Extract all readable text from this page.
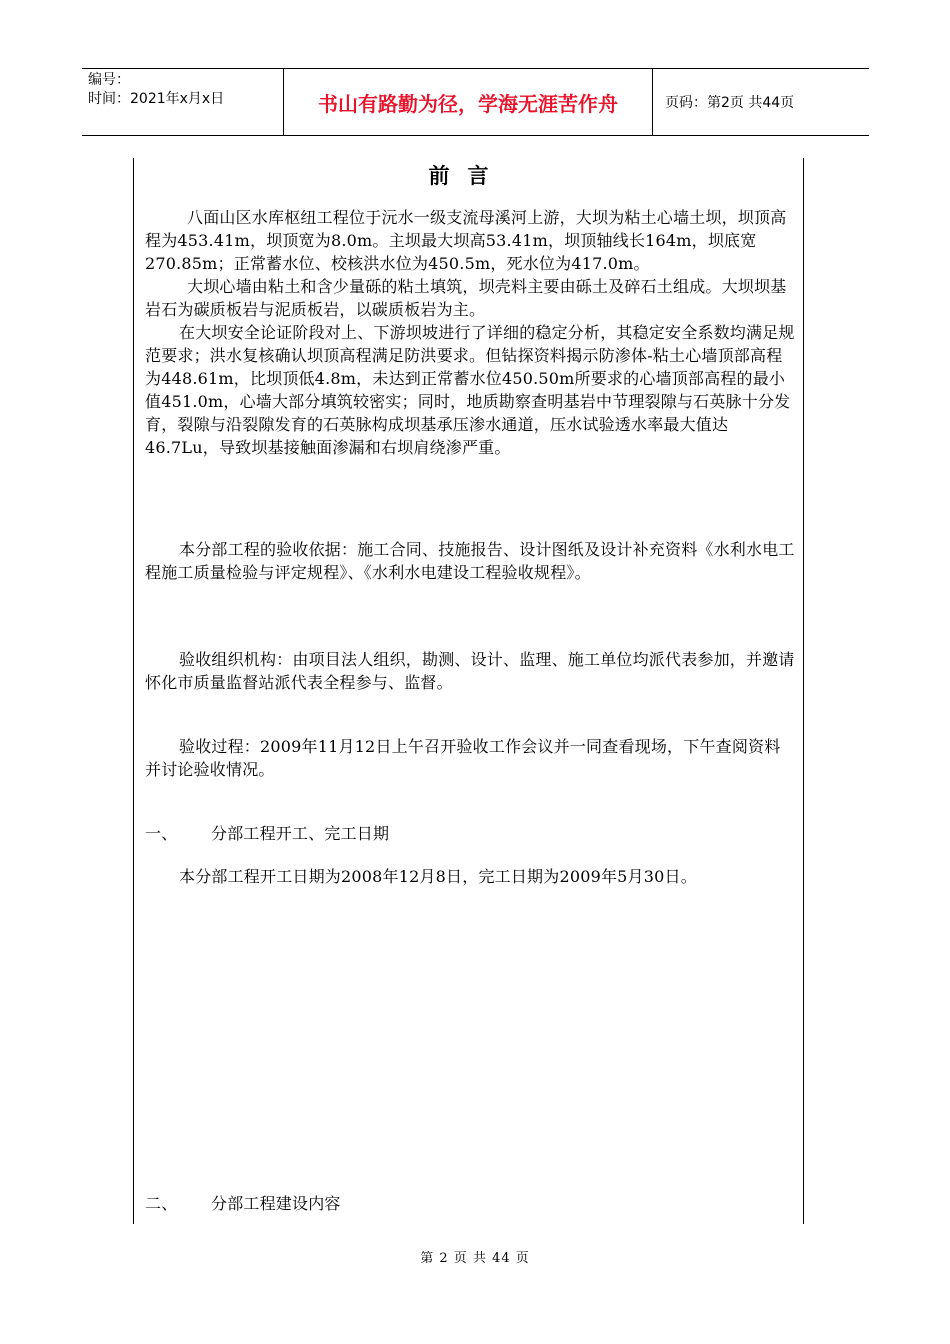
编号：
时间：2021年x月x日	书山有路勤为径，学海无涯苦作舟	页码：第2页 共44页
前言

八面山区水库枢纽工程位于沅水一级支流母溪河上游，大坝为粘土心墙土坝，坝顶高程为453.41m，坝顶宽为8.0m。主坝最大坝高53.41m，坝顶轴线长164m，坝底宽270.85m；正常蓄水位、校核洪水位为450.5m，死水位为417.0m。

大坝心墙由粘土和含少量砾的粘土填筑，坝壳料主要由砾土及碎石土组成。大坝坝基岩石为碳质板岩与泥质板岩，以碳质板岩为主。

在大坝安全论证阶段对上、下游坝坡进行了详细的稳定分析，其稳定安全系数均满足规范要求；洪水复核确认坝顶高程满足防洪要求。但钻探资料揭示防渗体-粘土心墙顶部高程为448.61m，比坝顶低4.8m，未达到正常蓄水位450.50m所要求的心墙顶部高程的最小值451.0m，心墙大部分填筑较密实；同时，地质勘察查明基岩中节理裂隙与石英脉十分发育，裂隙与沿裂隙发育的石英脉构成坝基承压渗水通道，压水试验透水率最大值达46.7Lu，导致坝基接触面渗漏和右坝肩绕渗严重。

本分部工程的验收依据：施工合同、技施报告、设计图纸及设计补充资料《水利水电工程施工质量检验与评定规程》、《水利水电建设工程验收规程》。

验收组织机构：由项目法人组织，勘测、设计、监理、施工单位均派代表参加，并邀请怀化市质量监督站派代表全程参与、监督。

验收过程：2009年11月12日上午召开验收工作会议并一同查看现场，下午查阅资料并讨论验收情况。

一、 分部工程开工、完工日期

本分部工程开工日期为2008年12月8日，完工日期为2009年5月30日。

二、 分部工程建设内容
第 2 页 共 44 页
